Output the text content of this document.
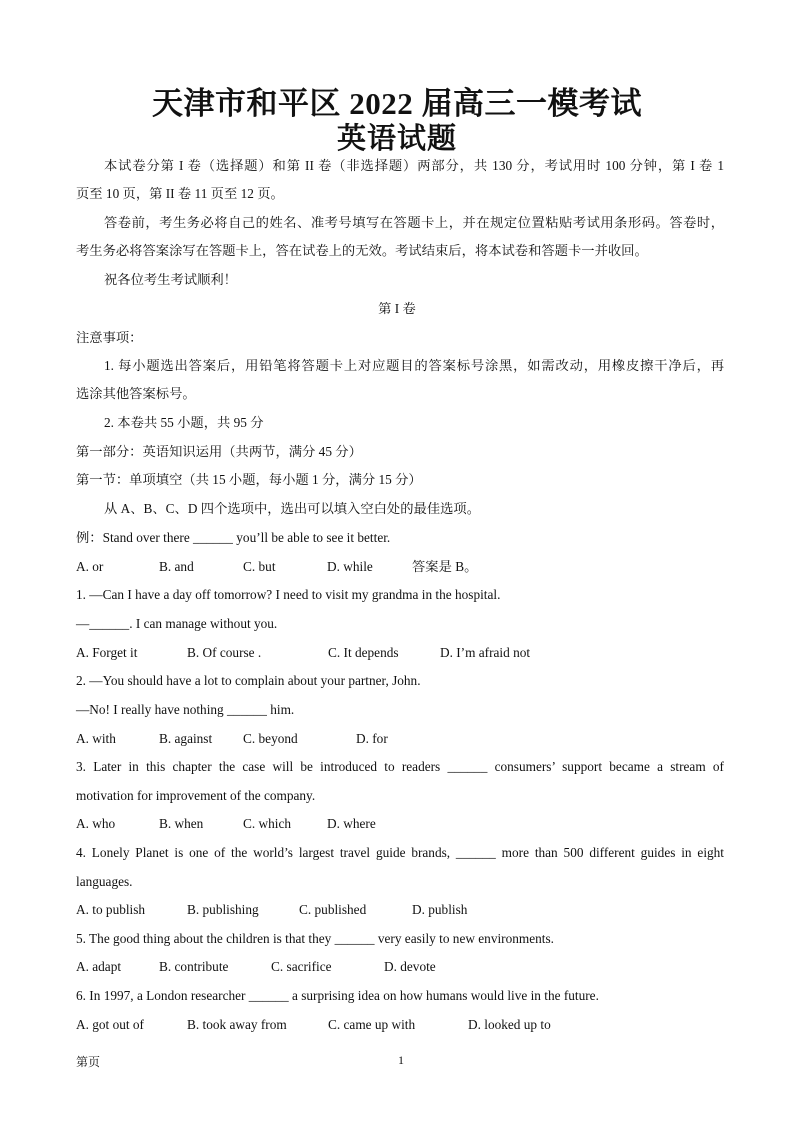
天津市和平区 2022 届高三一模考试
英语试题
本试卷分第 I 卷（选择题）和第 II 卷（非选择题）两部分，共 130 分，考试用时 100 分钟，第 I 卷 1
页至 10 页，第 II 卷 11 页至 12 页。
答卷前，考生务必将自己的姓名、准考号填写在答题卡上，并在规定位置粘贴考试用条形码。答卷时，
考生务必将答案涂写在答题卡上，答在试卷上的无效。考试结束后，将本试卷和答题卡一并收回。
祝各位考生考试顺利！
第 I 卷
注意事项：
1. 每小题选出答案后，用铅笔将答题卡上对应题目的答案标号涂黑，如需改动，用橡皮擦干净后，再
选涂其他答案标号。
2. 本卷共 55 小题，共 95 分
第一部分：英语知识运用（共两节，满分 45 分）
第一节：单项填空（共 15 小题，每小题 1 分，满分 15 分）
从 A、B、C、D 四个选项中，选出可以填入空白处的最佳选项。
例：Stand over there ______ you’ll be able to see it better.
A. or	B. and	C. but	D. while	答案是 B。
1. —Can I have a day off tomorrow? I need to visit my grandma in the hospital.
—______. I can manage without you.
A. Forget it	B. Of course .	C. It depends	D. I’m afraid not
2. —You should have a lot to complain about your partner, John.
—No! I really have nothing ______ him.
A. with	B. against C. beyond	D. for
3. Later in this chapter the case will be introduced to readers ______ consumers’ support became a stream of
motivation for improvement of the company.
A. who	B. when	C. which	D. where
4. Lonely Planet is one of the world’s largest travel guide brands, ______ more than 500 different guides in eight
languages.
A. to publish	B. publishing	C. published	D. publish
5. The good thing about the children is that they ______ very easily to new environments.
A. adapt	B. contribute	C. sacrifice	D. devote
6. In 1997, a London researcher ______ a surprising idea on how humans would live in the future.
A. got out of	B. took away from	C. came up with	D. looked up to
第页	1
